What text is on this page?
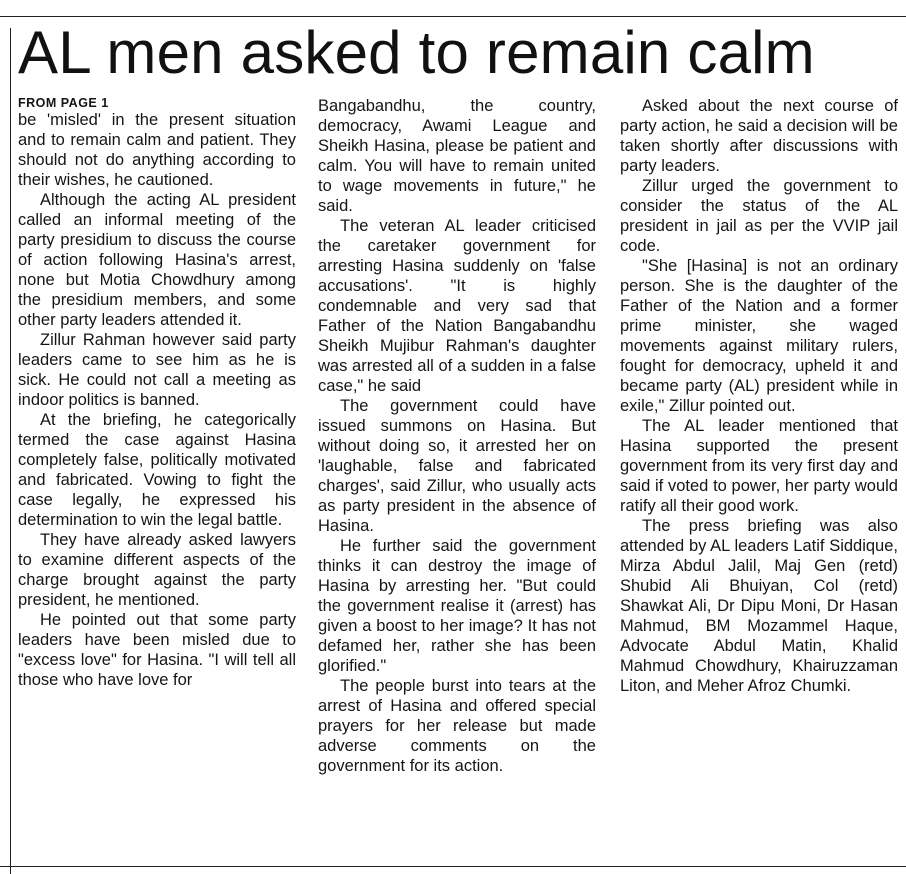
AL men asked to remain calm
FROM PAGE 1

be 'misled' in the present situation and to remain calm and patient. They should not do anything according to their wishes, he cautioned.

Although the acting AL president called an informal meeting of the party presidium to discuss the course of action following Hasina's arrest, none but Motia Chowdhury among the presidium members, and some other party leaders attended it.

Zillur Rahman however said party leaders came to see him as he is sick. He could not call a meeting as indoor politics is banned.

At the briefing, he categorically termed the case against Hasina completely false, politically motivated and fabricated. Vowing to fight the case legally, he expressed his determination to win the legal battle.

They have already asked lawyers to examine different aspects of the charge brought against the party president, he mentioned.

He pointed out that some party leaders have been misled due to "excess love" for Hasina. "I will tell all those who have love for

Bangabandhu, the country, democracy, Awami League and Sheikh Hasina, please be patient and calm. You will have to remain united to wage movements in future," he said.

The veteran AL leader criticised the caretaker government for arresting Hasina suddenly on 'false accusations'. "It is highly condemnable and very sad that Father of the Nation Bangabandhu Sheikh Mujibur Rahman's daughter was arrested all of a sudden in a false case," he said

The government could have issued summons on Hasina. But without doing so, it arrested her on 'laughable, false and fabricated charges', said Zillur, who usually acts as party president in the absence of Hasina.

He further said the government thinks it can destroy the image of Hasina by arresting her. "But could the government realise it (arrest) has given a boost to her image? It has not defamed her, rather she has been glorified."

The people burst into tears at the arrest of Hasina and offered special prayers for her release but made adverse comments on the government for its action.

Asked about the next course of party action, he said a decision will be taken shortly after discussions with party leaders.

Zillur urged the government to consider the status of the AL president in jail as per the VVIP jail code.

"She [Hasina] is not an ordinary person. She is the daughter of the Father of the Nation and a former prime minister, she waged movements against military rulers, fought for democracy, upheld it and became party (AL) president while in exile," Zillur pointed out.

The AL leader mentioned that Hasina supported the present government from its very first day and said if voted to power, her party would ratify all their good work.

The press briefing was also attended by AL leaders Latif Siddique, Mirza Abdul Jalil, Maj Gen (retd) Shubid Ali Bhuiyan, Col (retd) Shawkat Ali, Dr Dipu Moni, Dr Hasan Mahmud, BM Mozammel Haque, Advocate Abdul Matin, Khalid Mahmud Chowdhury, Khairuzzaman Liton, and Meher Afroz Chumki.
